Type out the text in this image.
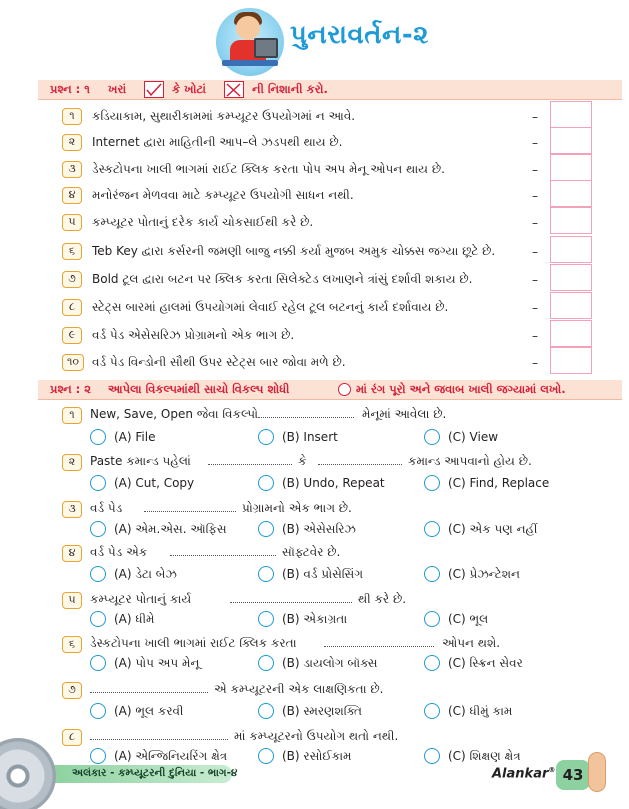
પુનરાવર્તન-૨
પ્રશ્ન : ૧ ખરાં	કે ખોટાં	ની નિશાની કરો.
૧	કડિયાકામ, સુથારીકામમાં કમ્પ્યૂટર ઉપયોગમાં ન આવે.	–
૨	Internet દ્વારા માહિતીની આપ–લે ઝડપથી થાય છે.	–
૩	ડેસ્કટોપના ખાલી ભાગમાં રાઈટ ક્લિક કરતા પોપ અપ મેનૂ ઓપન થાય છે.	–
૪	મનોરંજન મેળવવા માટે કમ્પ્યૂટર ઉપયોગી સાધન નથી.	–
૫	કમ્પ્યૂટર પોતાનું દરેક કાર્ય ચોકસાઈથી કરે છે.	–
૬	Teb Key દ્વારા કર્સરની જમણી બાજુ નક્કી કર્યા મુજબ અમુક ચોક્કસ જગ્યા છૂટે છે.	–
૭	Bold ટૂલ દ્વારા બટન પર ક્લિક કરતા સિલેક્ટેડ લખાણને ત્રાંસું દર્શાવી શકાય છે.	–
૮	સ્ટેટ્સ બારમાં હાલમાં ઉપયોગમાં લેવાઈ રહેલ ટૂલ બટનનું કાર્ય દર્શાવાય છે.	–
૯	વર્ડ પેડ એસેસરિઝ પ્રોગ્રામનો એક ભાગ છે.	–
૧૦	વર્ડ પેડ વિન્ડોની સૌથી ઉપર સ્ટેટ્સ બાર જોવા મળે છે.	–
પ્રશ્ન : ૨ આપેલા વિકલ્પમાંથી સાચો વિકલ્પ શોધી	માં રંગ પૂરો અને જવાબ ખાલી જગ્યામાં લખો.
૧	New, Save, Open જેવા વિકલ્પો	મેનૂમાં આવેલા છે.
(A) File	(B) Insert	(C) View
૨	Paste કમાન્ડ પહેલાં	કે	કમાન્ડ આપવાનો હોય છે.
(A) Cut, Copy	(B) Undo, Repeat	(C) Find, Replace
૩	વર્ડ પેડ	પ્રોગ્રામનો એક ભાગ છે.
(A) એમ.એસ. ઑફિસ	(B) એસેસરિઝ	(C) એક પણ નહીં
૪	વર્ડ પેડ એક	સૉફ્ટવેર છે.
(A) ડેટા બેઝ	(B) વર્ડ પ્રોસેસિંગ	(C) પ્રેઝન્ટેશન
૫	કમ્પ્યૂટર પોતાનું કાર્ય	થી કરે છે.
(A) ધીમે	(B) એકાગ્રતા	(C) ભૂલ
૬	ડેસ્કટોપના ખાલી ભાગમાં રાઈટ ક્લિક કરતા	ઓપન થશે.
(A) પોપ અપ મેનૂ	(B) ડાયલોગ બૉક્સ	(C) સ્ક્રિન સેવર
૭	એ કમ્પ્યૂટરની એક લાક્ષણિકતા છે.
(A) ભૂલ કરવી	(B) સ્મરણશક્તિ	(C) ધીમું કામ
૮	માં કમ્પ્યૂટરનો ઉપયોગ થતો નથી.
(A) એન્જિનિયરિંગ ક્ષેત્ર	(B) રસોઈકામ	(C) શિક્ષણ ક્ષેત્ર
અલંકાર - કમ્પ્યૂટરની દુનિયા - ભાગ-૪	Alankar® 43
